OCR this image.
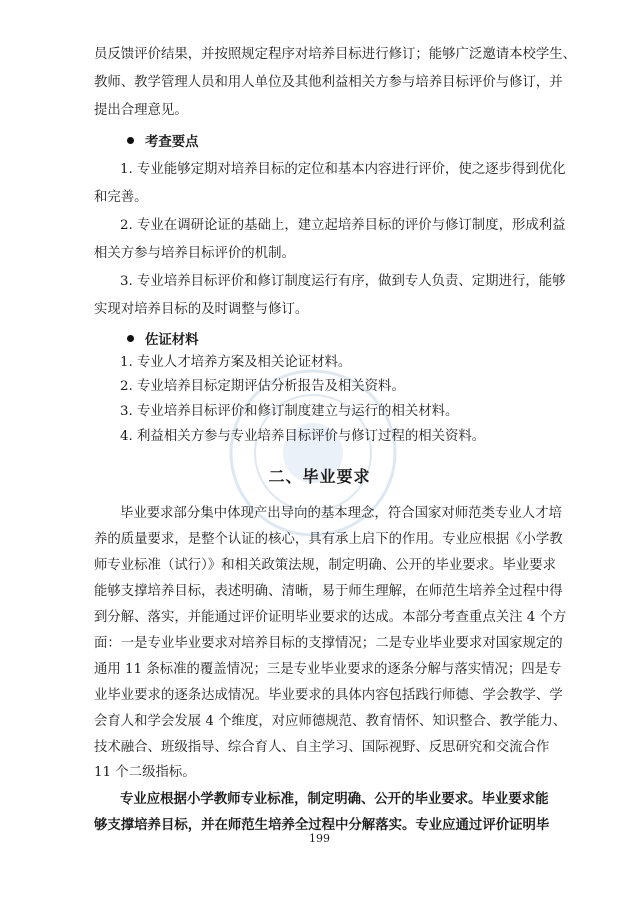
员反馈评价结果，并按照规定程序对培养目标进行修订；能够广泛邀请本校学生、
教师、教学管理人员和用人单位及其他利益相关方参与培养目标评价与修订，并
提出合理意见。
考查要点
1. 专业能够定期对培养目标的定位和基本内容进行评价，使之逐步得到优化
和完善。
2. 专业在调研论证的基础上，建立起培养目标的评价与修订制度，形成利益
相关方参与培养目标评价的机制。
3. 专业培养目标评价和修订制度运行有序，做到专人负责、定期进行，能够
实现对培养目标的及时调整与修订。
佐证材料
1. 专业人才培养方案及相关论证材料。
2. 专业培养目标定期评估分析报告及相关资料。
3. 专业培养目标评价和修订制度建立与运行的相关材料。
4. 利益相关方参与专业培养目标评价与修订过程的相关资料。
二、毕业要求
毕业要求部分集中体现产出导向的基本理念，符合国家对师范类专业人才培
养的质量要求，是整个认证的核心，具有承上启下的作用。专业应根据《小学教
师专业标准（试行）》和相关政策法规，制定明确、公开的毕业要求。毕业要求
能够支撑培养目标，表述明确、清晰，易于师生理解，在师范生培养全过程中得
到分解、落实，并能通过评价证明毕业要求的达成。本部分考查重点关注 4 个方
面：一是专业毕业要求对培养目标的支撑情况；二是专业毕业要求对国家规定的
通用 11 条标准的覆盖情况；三是专业毕业要求的逐条分解与落实情况；四是专
业毕业要求的逐条达成情况。毕业要求的具体内容包括践行师德、学会教学、学
会育人和学会发展 4 个维度，对应师德规范、教育情怀、知识整合、教学能力、
技术融合、班级指导、综合育人、自主学习、国际视野、反思研究和交流合作
11 个二级指标。
专业应根据小学教师专业标准，制定明确、公开的毕业要求。毕业要求能
够支撑培养目标，并在师范生培养全过程中分解落实。专业应通过评价证明毕
199
